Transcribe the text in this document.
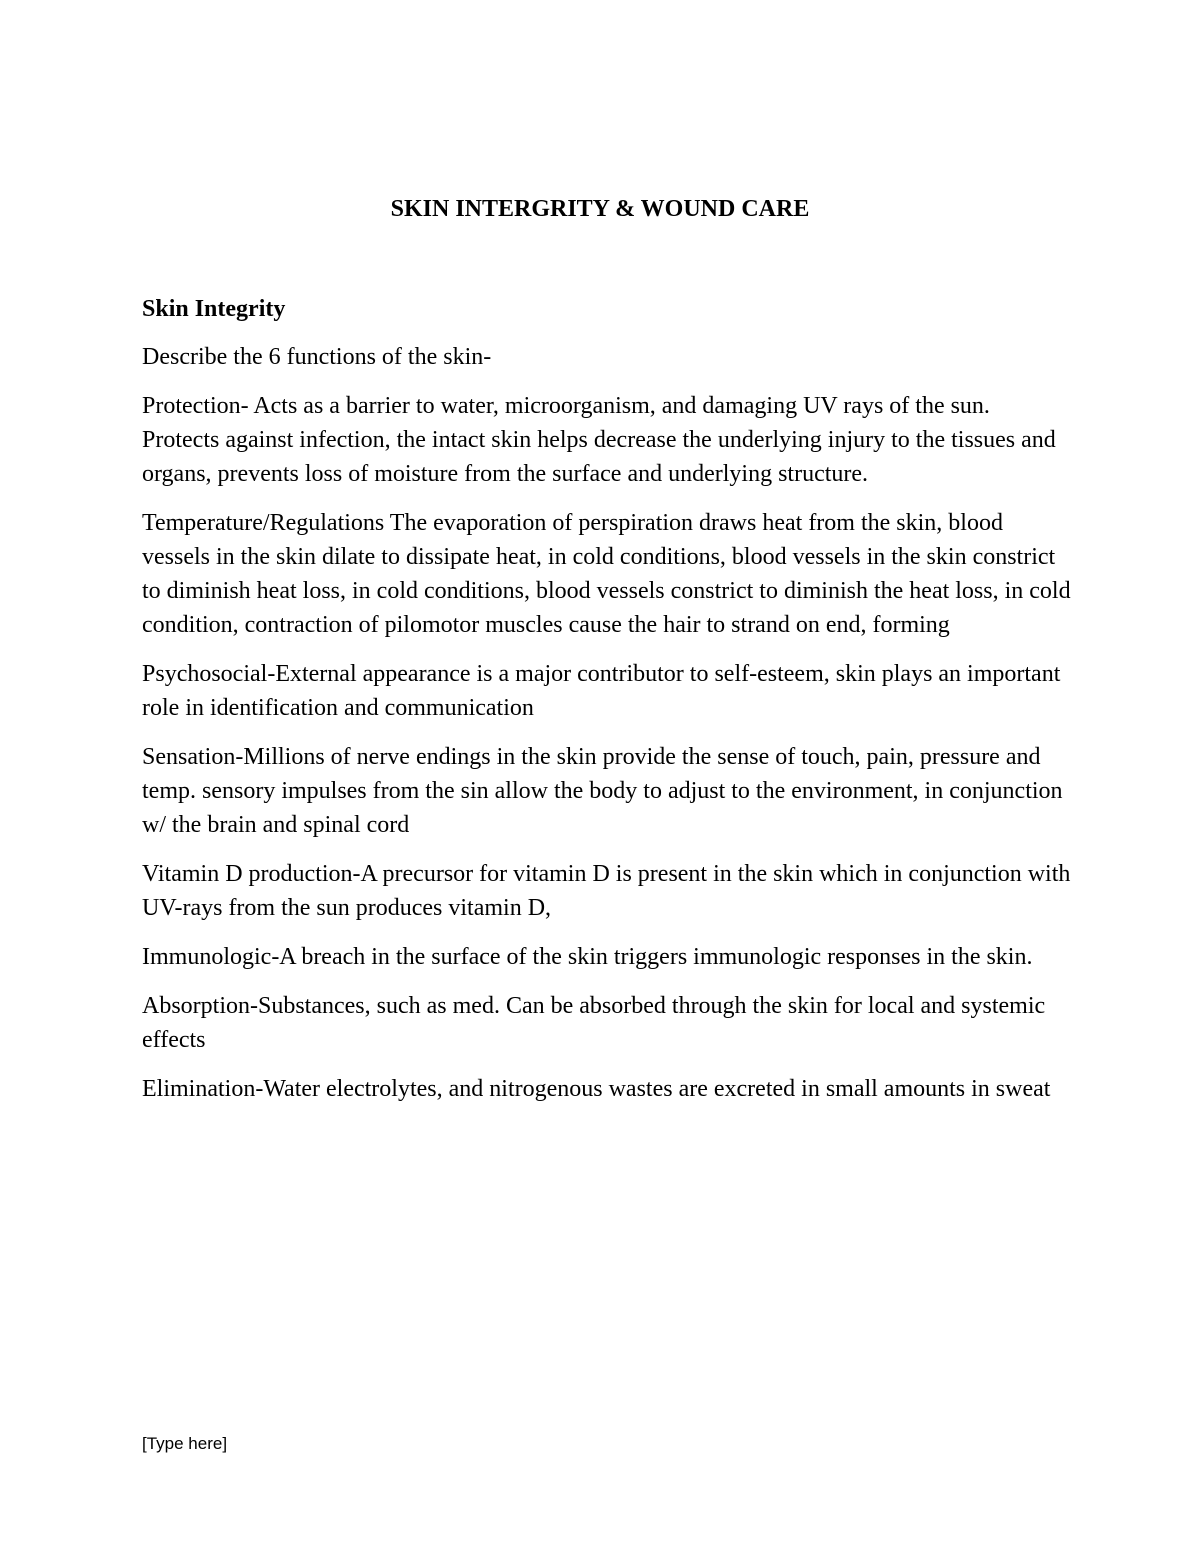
SKIN INTERGRITY & WOUND CARE

Skin Integrity

Describe the 6 functions of the skin-

Protection- Acts as a barrier to water, microorganism, and damaging UV rays of the sun. Protects against infection, the intact skin helps decrease the underlying injury to the tissues and organs, prevents loss of moisture from the surface and underlying structure.

Temperature/Regulations The evaporation of perspiration draws heat from the skin, blood vessels in the skin dilate to dissipate heat, in cold conditions, blood vessels in the skin constrict to diminish heat loss, in cold conditions, blood vessels constrict to diminish the heat loss, in cold condition, contraction of pilomotor muscles cause the hair to strand on end, forming

Psychosocial-External appearance is a major contributor to self-esteem, skin plays an important role in identification and communication

Sensation-Millions of nerve endings in the skin provide the sense of touch, pain, pressure and temp. sensory impulses from the sin allow the body to adjust to the environment, in conjunction w/ the brain and spinal cord

Vitamin D production-A precursor for vitamin D is present in the skin which in conjunction with UV-rays from the sun produces vitamin D,

Immunologic-A breach in the surface of the skin triggers immunologic responses in the skin.

Absorption-Substances, such as med. Can be absorbed through the skin for local and systemic effects

Elimination-Water electrolytes, and nitrogenous wastes are excreted in small amounts in sweat

[Type here]
